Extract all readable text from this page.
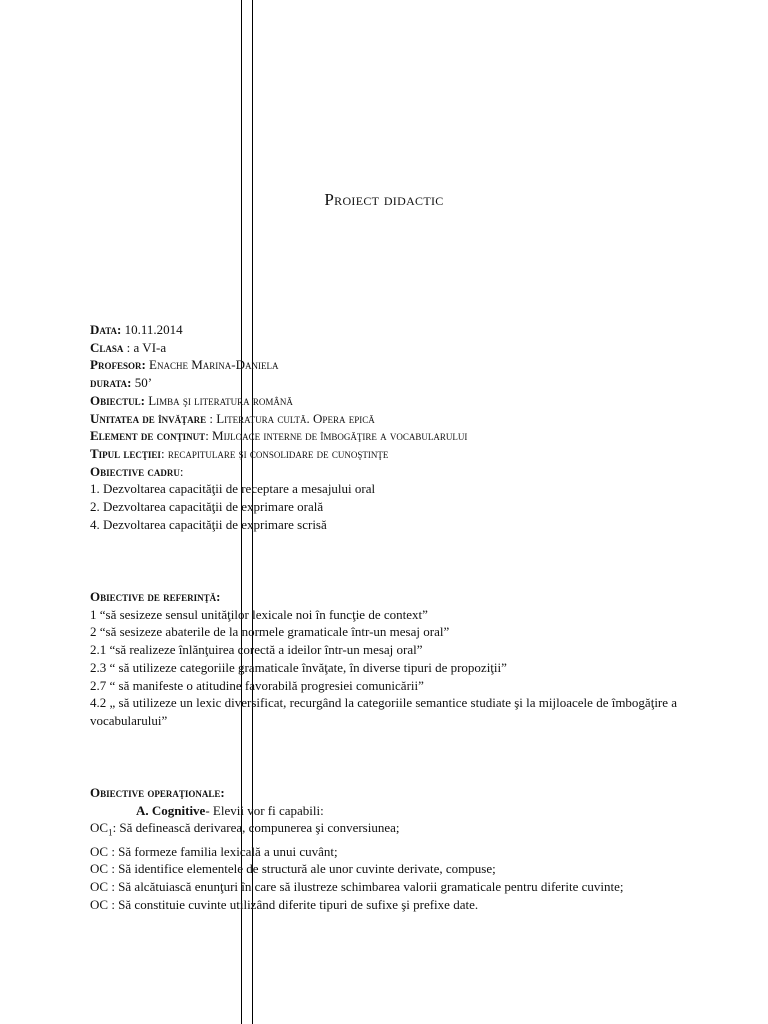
Proiect didactic
Data: 10.11.2014
Clasa : a VI-a
Profesor: Enache Marina-Daniela
durata: 50’
Obiectul: Limba şi literatura română
Unitatea de învăţare : Literatura cultă. Opera epică
Element de conţinut: Mijloace interne de îmbogăţire a vocabularului
Tipul lecţiei: recapitulare şi consolidare de cunoştinţe
Obiective cadru:
1. Dezvoltarea capacităţii de receptare a mesajului oral
2. Dezvoltarea capacităţii de exprimare orală
4. Dezvoltarea capacităţii de exprimare scrisă
Obiective de referinţă:
1 “să sesizeze sensul unităţilor lexicale noi în funcţie de context”
2 “să sesizeze abaterile de la normele gramaticale într-un mesaj oral”
2.1 “să realizeze înlănţuirea corectă a ideilor într-un mesaj oral”
2.3 “ să utilizeze categoriile gramaticale învăţate, în diverse tipuri de propoziţii”
2.7 “ să manifeste o atitudine favorabilă progresiei comunicării”
4.2 „ să utilizeze un lexic diversificat, recurgând la categoriile semantice studiate şi la mijloacele de îmbogăţire a vocabularului”
Obiective operaţionale:
A. Cognitive- Elevii vor fi capabili:
$OC_1$: Să definească derivarea, compunerea şi conversiunea;
OC : Să formeze familia lexicală a unui cuvânt;
OC : Să identifice elementele de structură ale unor cuvinte derivate, compuse;
OC : Să alcătuiască enunţuri în care să ilustreze schimbarea valorii gramaticale pentru diferite cuvinte;
OC : Să constituie cuvinte utilizând diferite tipuri de sufixe şi prefixe date.
